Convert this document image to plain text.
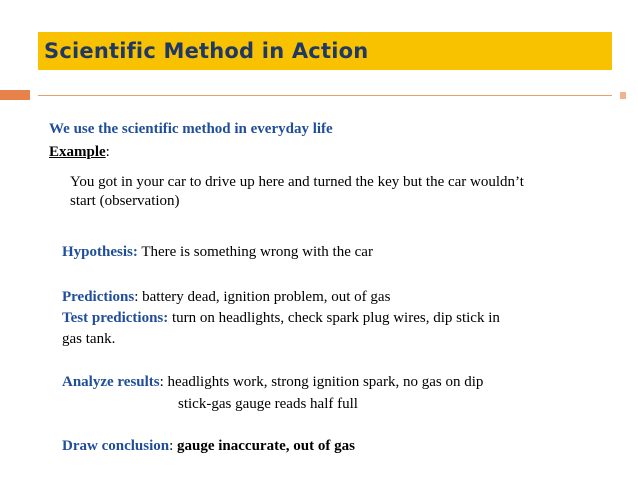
Scientific Method in Action
We use the scientific method in everyday life
Example:
You got in your car to drive up here and turned the key but the car wouldn’t
start (observation)
Hypothesis: There is something wrong with the car
Predictions: battery dead, ignition problem, out of gas
Test predictions: turn on headlights, check spark plug wires, dip stick in
gas tank.
Analyze results: headlights work, strong ignition spark, no gas on dip
stick-gas gauge reads half full
Draw conclusion: gauge inaccurate, out of gas
